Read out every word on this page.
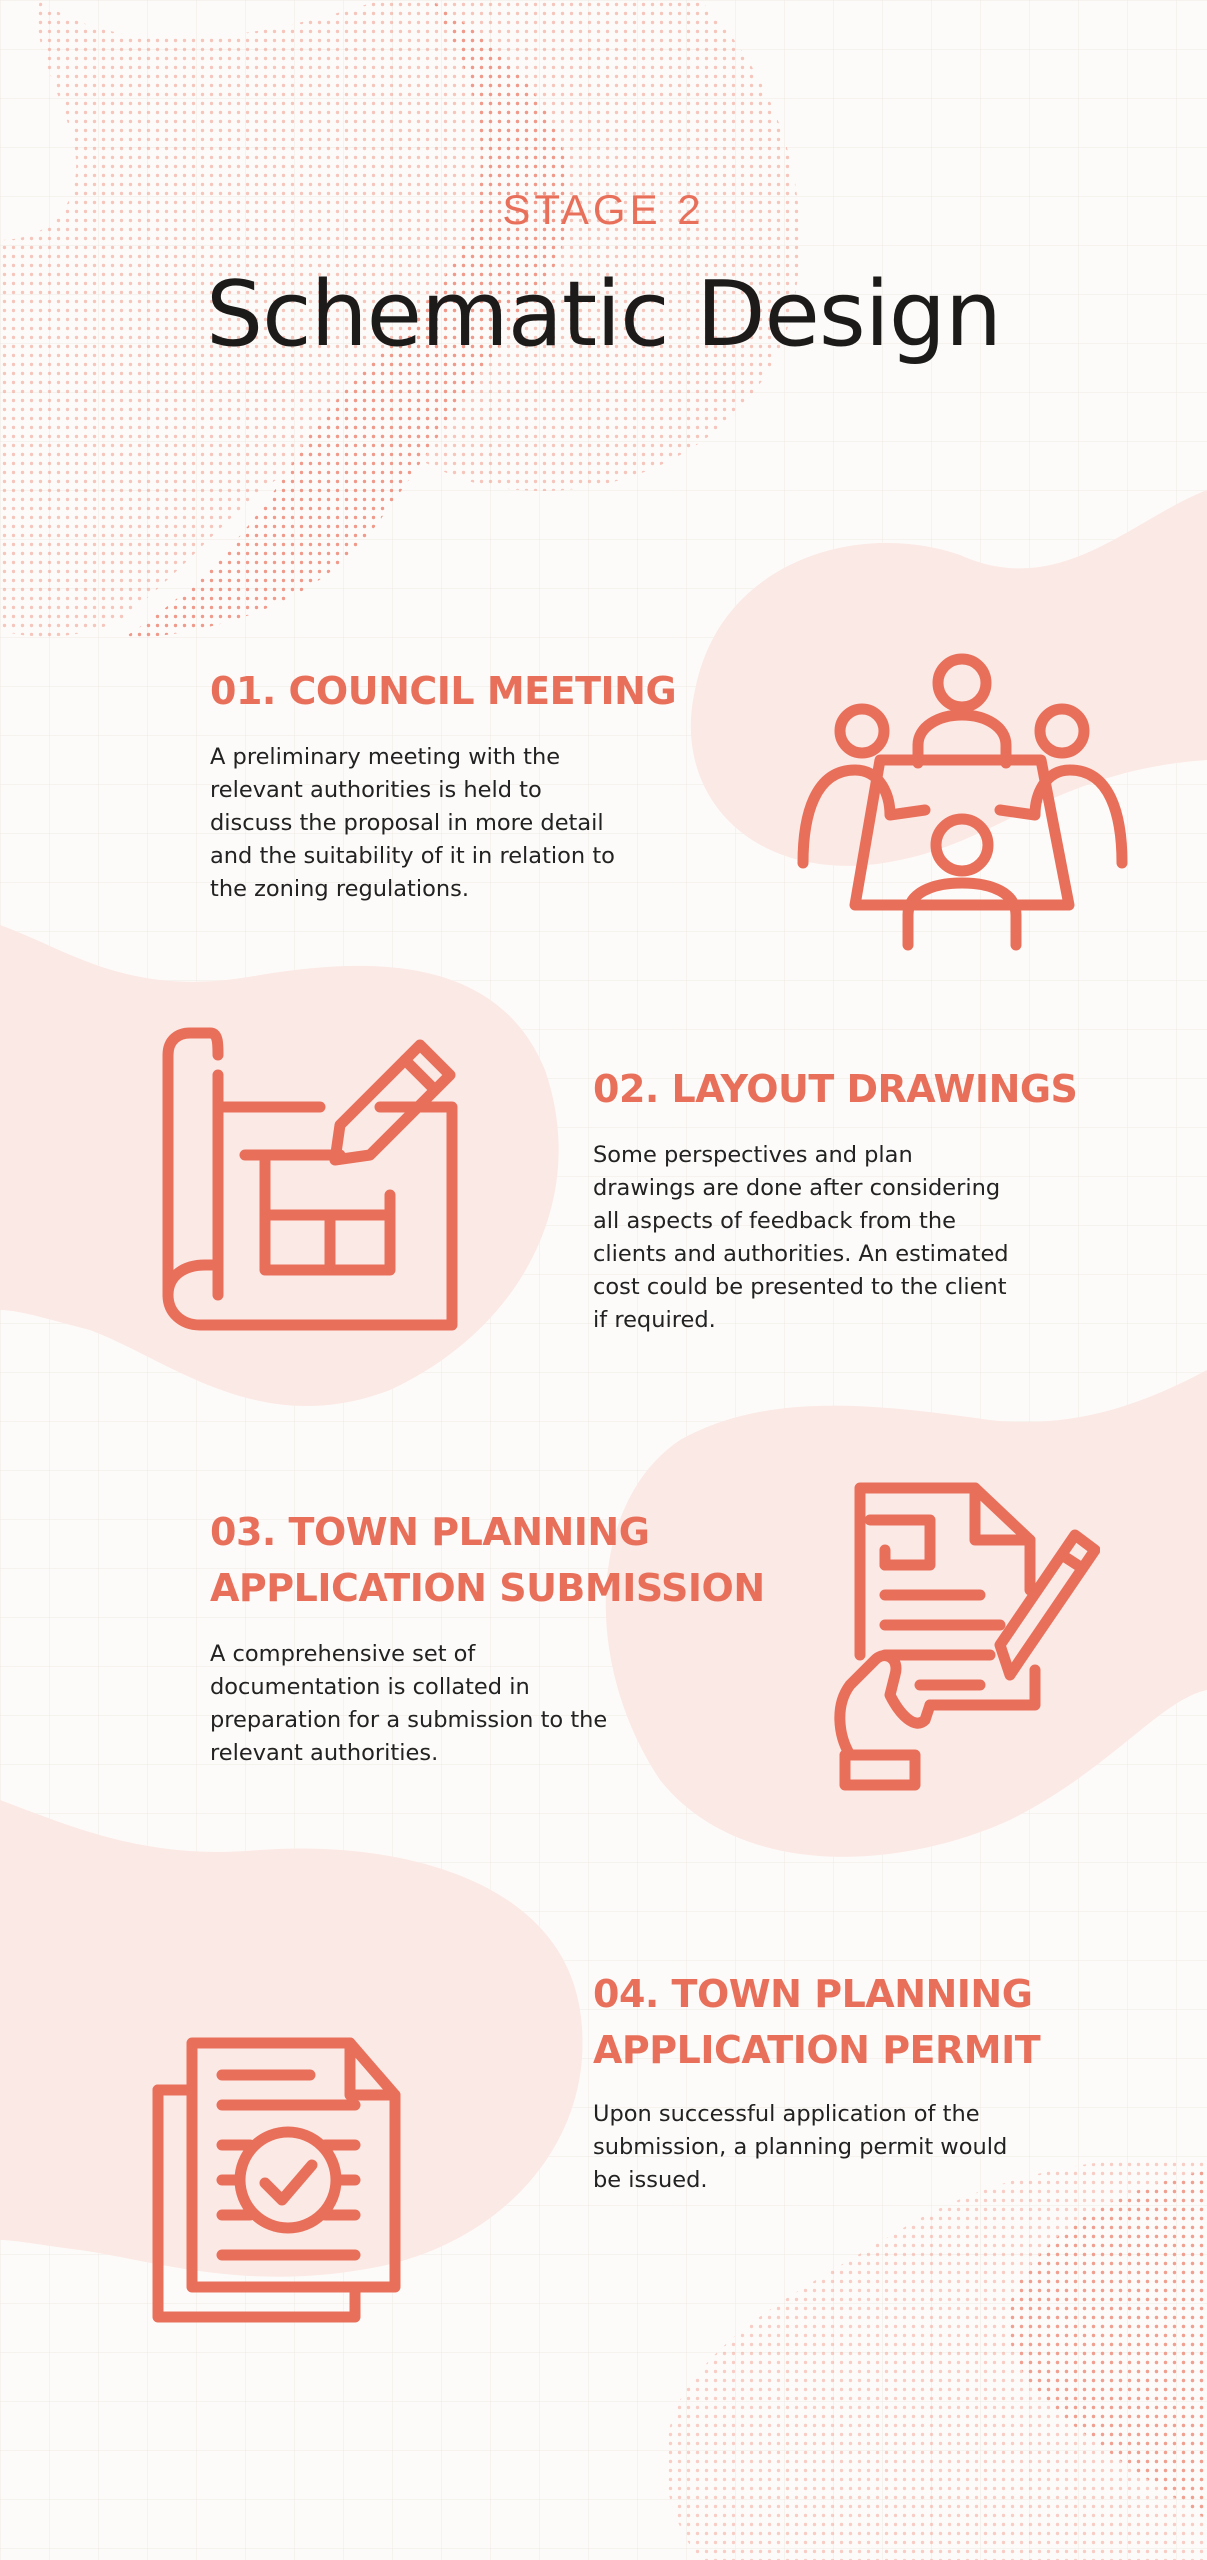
STAGE 2
Schematic Design
01. COUNCIL MEETING

A preliminary meeting with the relevant authorities is held to discuss the proposal in more detail and the suitability of it in relation to the zoning regulations.

02. LAYOUT DRAWINGS

Some perspectives and plan drawings are done after considering all aspects of feedback from the clients and authorities. An estimated cost could be presented to the client if required.

03. TOWN PLANNING APPLICATION SUBMISSION

A comprehensive set of documentation is collated in preparation for a submission to the relevant authorities.

04. TOWN PLANNING APPLICATION PERMIT

Upon successful application of the submission, a planning permit would be issued.
